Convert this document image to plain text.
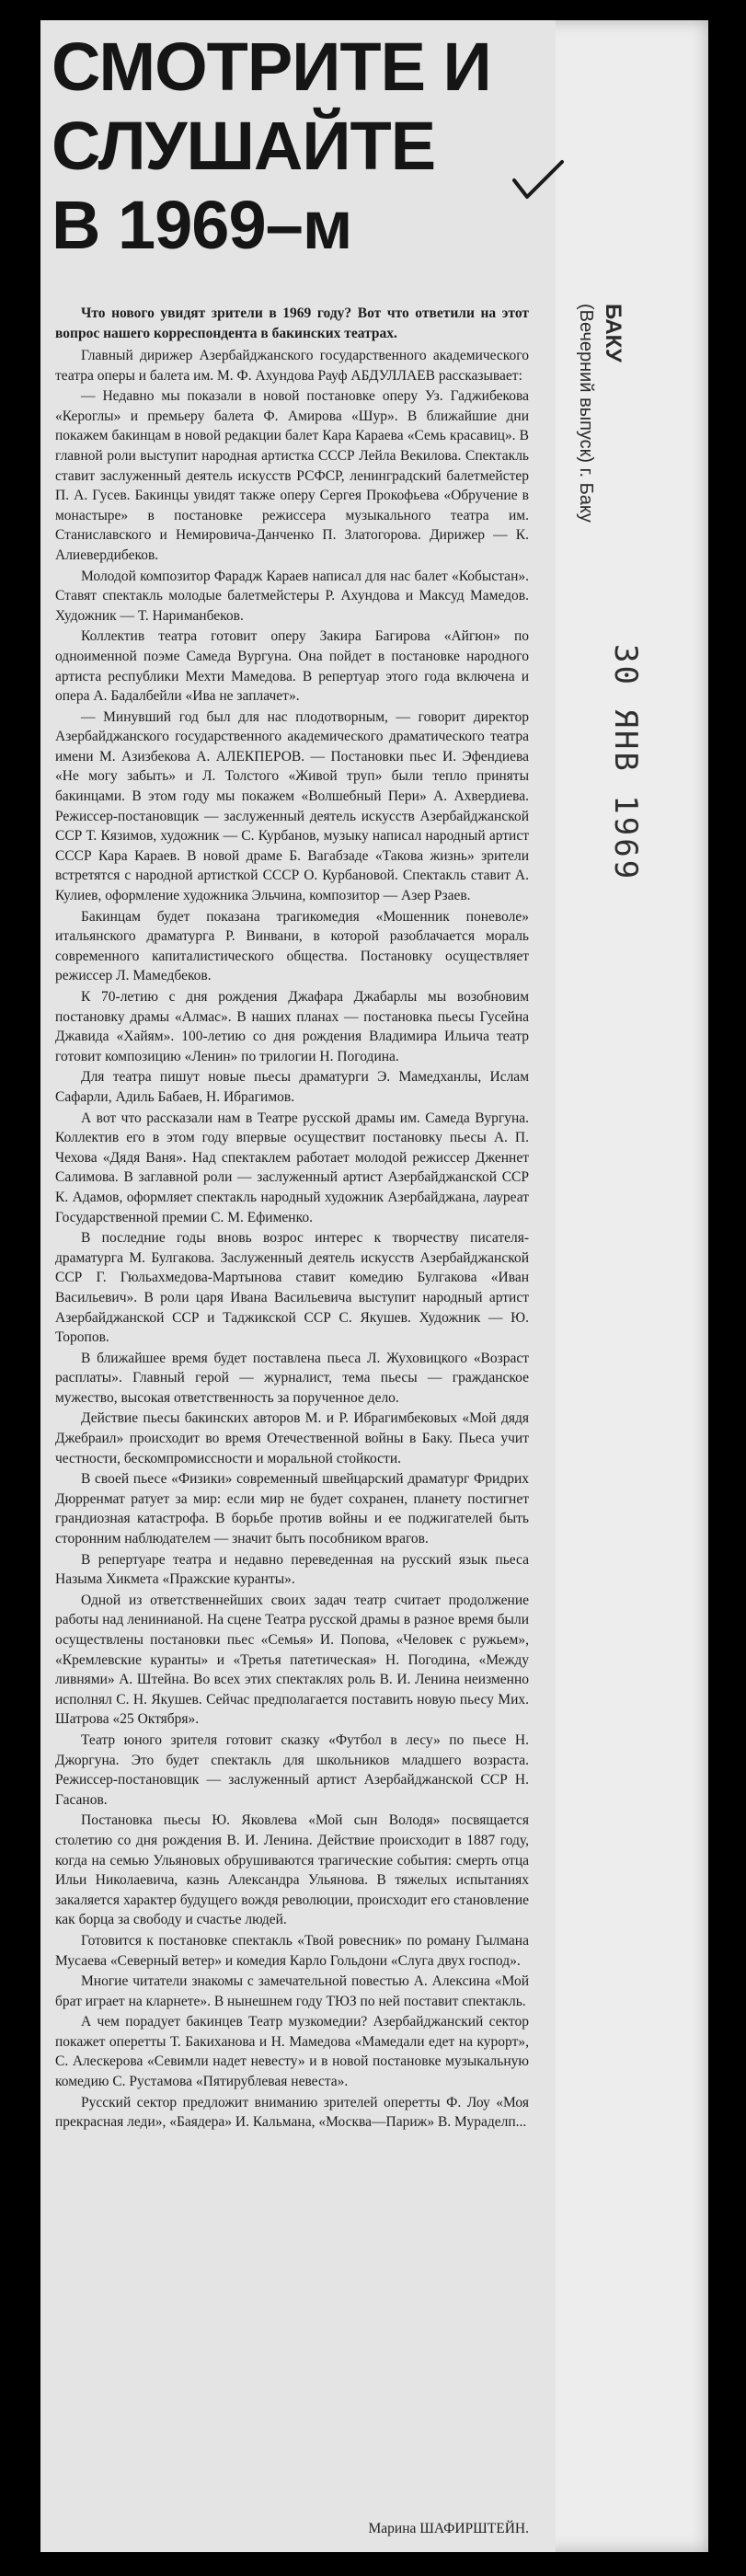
СМОТРИТЕ И
СЛУШАЙТЕ
В 1969–м
БАКУ
(Вечерний выпуск) г. Баку
30 ЯНВ 1969

Что нового увидят зрители в 1969 году? Вот что ответили на этот вопрос нашего корреспондента в бакинских театрах.

Главный дирижер Азербайджанского государственного академического театра оперы и балета им. М. Ф. Ахундова Рауф АБДУЛЛАЕВ рассказывает:

— Недавно мы показали в новой постановке оперу Уз. Гаджибекова «Кероглы» и премьеру балета Ф. Амирова «Шур». В ближайшие дни покажем бакинцам в новой редакции балет Кара Караева «Семь красавиц». В главной роли выступит народная артистка СССР Лейла Векилова. Спектакль ставит заслуженный деятель искусств РСФСР, ленинградский балетмейстер П. А. Гусев. Бакинцы увидят также оперу Сергея Прокофьева «Обручение в монастыре» в постановке режиссера музыкального театра им. Станиславского и Немировича-Данченко П. Златогорова. Дирижер — К. Алиевердибеков.

Молодой композитор Фарадж Караев написал для нас балет «Кобыстан». Ставят спектакль молодые балетмейстеры Р. Ахундова и Максуд Мамедов. Художник — Т. Нариманбеков.

Коллектив театра готовит оперу Закира Багирова «Айгюн» по одноименной поэме Самеда Вургуна. Она пойдет в постановке народного артиста республики Мехти Мамедова. В репертуар этого года включена и опера А. Бадалбейли «Ива не заплачет».

— Минувший год был для нас плодотворным, — говорит директор Азербайджанского государственного академического драматического театра имени М. Азизбекова А. АЛЕКПЕРОВ. — Постановки пьес И. Эфендиева «Не могу забыть» и Л. Толстого «Живой труп» были тепло приняты бакинцами. В этом году мы покажем «Волшебный Пери» А. Ахвердиева. Режиссер-постановщик — заслуженный деятель искусств Азербайджанской ССР Т. Кязимов, художник — С. Курбанов, музыку написал народный артист СССР Кара Караев. В новой драме Б. Вагабзаде «Такова жизнь» зрители встретятся с народной артисткой СССР О. Курбановой. Спектакль ставит А. Кулиев, оформление художника Эльчина, композитор — Азер Рзаев.

Бакинцам будет показана трагикомедия «Мошенник поневоле» итальянского драматурга Р. Винвани, в которой разоблачается мораль современного капиталистического общества. Постановку осуществляет режиссер Л. Мамедбеков.

К 70-летию с дня рождения Джафара Джабарлы мы возобновим постановку драмы «Алмас». В наших планах — постановка пьесы Гусейна Джавида «Хайям». 100-летию со дня рождения Владимира Ильича театр готовит композицию «Ленин» по трилогии Н. Погодина.

Для театра пишут новые пьесы драматурги Э. Мамедханлы, Ислам Сафарли, Адиль Бабаев, Н. Ибрагимов.

А вот что рассказали нам в Театре русской драмы им. Самеда Вургуна. Коллектив его в этом году впервые осуществит постановку пьесы А. П. Чехова «Дядя Ваня». Над спектаклем работает молодой режиссер Дженнет Салимова. В заглавной роли — заслуженный артист Азербайджанской ССР К. Адамов, оформляет спектакль народный художник Азербайджана, лауреат Государственной премии С. М. Ефименко.

В последние годы вновь возрос интерес к творчеству писателя-драматурга М. Булгакова. Заслуженный деятель искусств Азербайджанской ССР Г. Гюльахмедова-Мартынова ставит комедию Булгакова «Иван Васильевич». В роли царя Ивана Васильевича выступит народный артист Азербайджанской ССР и Таджикской ССР С. Якушев. Художник — Ю. Торопов.

В ближайшее время будет поставлена пьеса Л. Жуховицкого «Возраст расплаты». Главный герой — журналист, тема пьесы — гражданское мужество, высокая ответственность за порученное дело.

Действие пьесы бакинских авторов М. и Р. Ибрагимбековых «Мой дядя Джебраил» происходит во время Отечественной войны в Баку. Пьеса учит честности, бескомпромиссности и моральной стойкости.

В своей пьесе «Физики» современный швейцарский драматург Фридрих Дюрренмат ратует за мир: если мир не будет сохранен, планету постигнет грандиозная катастрофа. В борьбе против войны и ее поджигателей быть сторонним наблюдателем — значит быть пособником врагов.

В репертуаре театра и недавно переведенная на русский язык пьеса Назыма Хикмета «Пражские куранты».

Одной из ответственнейших своих задач театр считает продолжение работы над ленинианой. На сцене Театра русской драмы в разное время были осуществлены постановки пьес «Семья» И. Попова, «Человек с ружьем», «Кремлевские куранты» и «Третья патетическая» Н. Погодина, «Между ливнями» А. Штейна. Во всех этих спектаклях роль В. И. Ленина неизменно исполнял С. Н. Якушев. Сейчас предполагается поставить новую пьесу Мих. Шатрова «25 Октября».

Театр юного зрителя готовит сказку «Футбол в лесу» по пьесе Н. Джоргуна. Это будет спектакль для школьников младшего возраста. Режиссер-постановщик — заслуженный артист Азербайджанской ССР Н. Гасанов.

Постановка пьесы Ю. Яковлева «Мой сын Володя» посвящается столетию со дня рождения В. И. Ленина. Действие происходит в 1887 году, когда на семью Ульяновых обрушиваются трагические события: смерть отца Ильи Николаевича, казнь Александра Ульянова. В тяжелых испытаниях закаляется характер будущего вождя революции, происходит его становление как борца за свободу и счастье людей.

Готовится к постановке спектакль «Твой ровесник» по роману Гылмана Мусаева «Северный ветер» и комедия Карло Гольдони «Слуга двух господ».

Многие читатели знакомы с замечательной повестью А. Алексина «Мой брат играет на кларнете». В нынешнем году ТЮЗ по ней поставит спектакль.

А чем порадует бакинцев Театр музкомедии? Азербайджанский сектор покажет оперетты Т. Бакиханова и Н. Мамедова «Мамедали едет на курорт», С. Алескерова «Севимли надет невесту» и в новой постановке музыкальную комедию С. Рустамова «Пятирублевая невеста».

Русский сектор предложит вниманию зрителей оперетты Ф. Лоу «Моя прекрасная леди», «Баядера» И. Кальмана, «Москва—Париж» В. Мураделп...

Марина ШАФИРШТЕЙН.
